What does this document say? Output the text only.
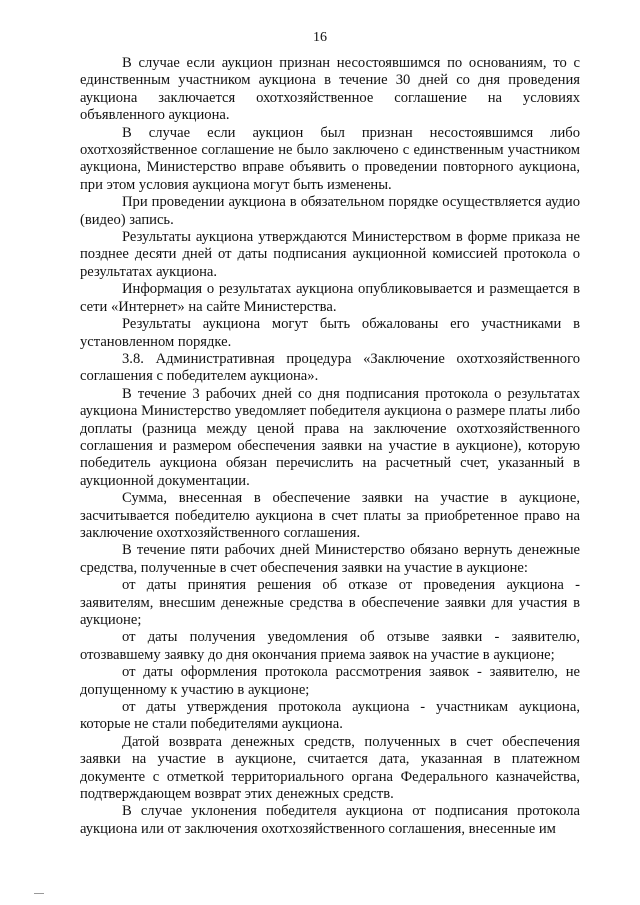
16

В случае если аукцион признан несостоявшимся по основаниям, то с единственным участником аукциона в течение 30 дней со дня проведения аукциона заключается охотхозяйственное соглашение на условиях объявленного аукциона.

В случае если аукцион был признан несостоявшимся либо охотхозяйственное соглашение не было заключено с единственным участником аукциона, Министерство вправе объявить о проведении повторного аукциона, при этом условия аукциона могут быть изменены.

При проведении аукциона в обязательном порядке осуществляется аудио (видео) запись.

Результаты аукциона утверждаются Министерством в форме приказа не позднее десяти дней от даты подписания аукционной комиссией протокола о результатах аукциона.

Информация о результатах аукциона опубликовывается и размещается в сети «Интернет» на сайте Министерства.

Результаты аукциона могут быть обжалованы его участниками в установленном порядке.

3.8. Административная процедура «Заключение охотхозяйственного соглашения с победителем аукциона».

В течение 3 рабочих дней со дня подписания протокола о результатах аукциона Министерство уведомляет победителя аукциона о размере платы либо доплаты (разница между ценой права на заключение охотхозяйственного соглашения и размером обеспечения заявки на участие в аукционе), которую победитель аукциона обязан перечислить на расчетный счет, указанный в аукционной документации.

Сумма, внесенная в обеспечение заявки на участие в аукционе, засчитывается победителю аукциона в счет платы за приобретенное право на заключение охотхозяйственного соглашения.

В течение пяти рабочих дней Министерство обязано вернуть денежные средства, полученные в счет обеспечения заявки на участие в аукционе:

от даты принятия решения об отказе от проведения аукциона - заявителям, внесшим денежные средства в обеспечение заявки для участия в аукционе;

от даты получения уведомления об отзыве заявки - заявителю, отозвавшему заявку до дня окончания приема заявок на участие в аукционе;

от даты оформления протокола рассмотрения заявок - заявителю, не допущенному к участию в аукционе;

от даты утверждения протокола аукциона - участникам аукциона, которые не стали победителями аукциона.

Датой возврата денежных средств, полученных в счет обеспечения заявки на участие в аукционе, считается дата, указанная в платежном документе с отметкой территориального органа Федерального казначейства, подтверждающем возврат этих денежных средств.

В случае уклонения победителя аукциона от подписания протокола аукциона или от заключения охотхозяйственного соглашения, внесенные им
